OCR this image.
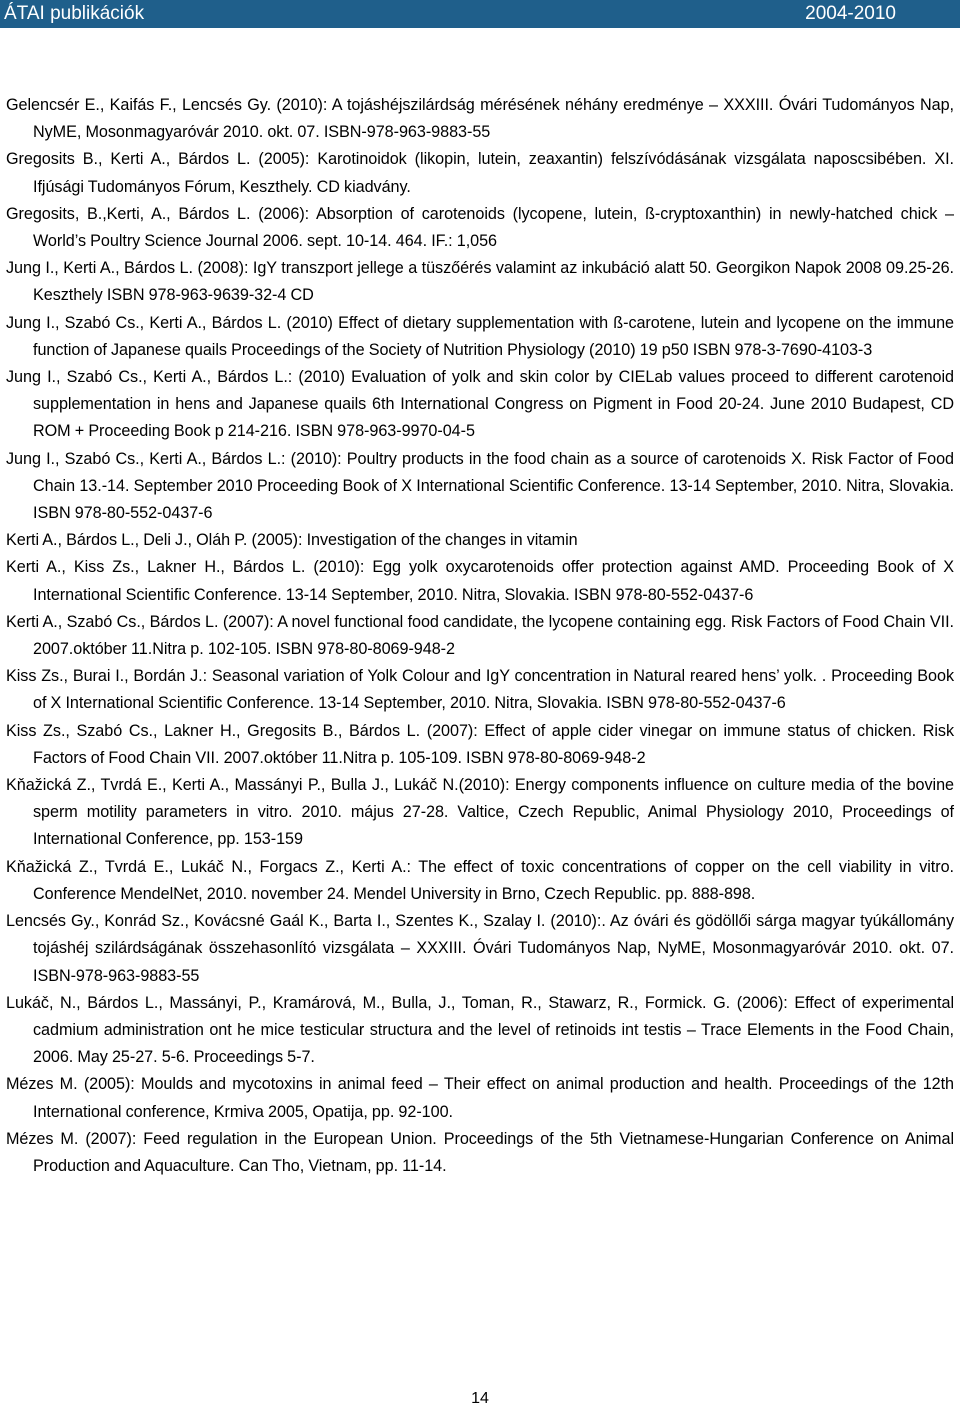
ÁTAI publikációk	2004-2010
Gelencsér E., Kaifás F., Lencsés Gy. (2010): A tojáshéjszilárdság mérésének néhány eredménye – XXXIII. Óvári Tudományos Nap, NyME, Mosonmagyaróvár 2010. okt. 07. ISBN-978-963-9883-55
Gregosits B., Kerti A., Bárdos L. (2005): Karotinoidok (likopin, lutein, zeaxantin) felszívódásának vizsgálata naposcsibében. XI. Ifjúsági Tudományos Fórum, Keszthely. CD kiadvány.
Gregosits, B.,Kerti, A., Bárdos L. (2006): Absorption of carotenoids (lycopene, lutein, ß-cryptoxanthin) in newly-hatched chick – World’s Poultry Science Journal 2006. sept. 10-14. 464. IF.: 1,056
Jung I., Kerti A., Bárdos L. (2008): IgY transzport jellege a tüszőérés valamint az inkubáció alatt 50. Georgikon Napok 2008 09.25-26. Keszthely ISBN 978-963-9639-32-4 CD
Jung I., Szabó Cs., Kerti A., Bárdos L. (2010) Effect of dietary supplementation with ß-carotene, lutein and lycopene on the immune function of Japanese quails Proceedings of the Society of Nutrition Physiology (2010) 19 p50 ISBN 978-3-7690-4103-3
Jung I., Szabó Cs., Kerti A., Bárdos L.: (2010) Evaluation of yolk and skin color by CIELab values proceed to different carotenoid supplementation in hens and Japanese quails 6th International Congress on Pigment in Food 20-24. June 2010 Budapest, CD ROM + Proceeding Book p 214-216. ISBN 978-963-9970-04-5
Jung I., Szabó Cs., Kerti A., Bárdos L.: (2010): Poultry products in the food chain as a source of carotenoids X. Risk Factor of Food Chain 13.-14. September 2010 Proceeding Book of X International Scientific Conference. 13-14 September, 2010. Nitra, Slovakia. ISBN 978-80-552-0437-6
Kerti A., Bárdos L., Deli J., Oláh P. (2005): Investigation of the changes in vitamin
Kerti A., Kiss Zs., Lakner H., Bárdos L. (2010): Egg yolk oxycarotenoids offer protection against AMD. Proceeding Book of X International Scientific Conference. 13-14 September, 2010. Nitra, Slovakia. ISBN 978-80-552-0437-6
Kerti A., Szabó Cs., Bárdos L. (2007): A novel functional food candidate, the lycopene containing egg. Risk Factors of Food Chain VII. 2007.október 11.Nitra p. 102-105. ISBN 978-80-8069-948-2
Kiss Zs., Burai I., Bordán J.: Seasonal variation of Yolk Colour and IgY concentration in Natural reared hens’ yolk. . Proceeding Book of X International Scientific Conference. 13-14 September, 2010. Nitra, Slovakia. ISBN 978-80-552-0437-6
Kiss Zs., Szabó Cs., Lakner H., Gregosits B., Bárdos L. (2007): Effect of apple cider vinegar on immune status of chicken. Risk Factors of Food Chain VII. 2007.október 11.Nitra p. 105-109. ISBN 978-80-8069-948-2
Kňažická Z., Tvrdá E., Kerti A., Massányi P., Bulla J., Lukáč N.(2010): Energy components influence on culture media of the bovine sperm motility parameters in vitro. 2010. május 27-28. Valtice, Czech Republic, Animal Physiology 2010, Proceedings of International Conference, pp. 153-159
Kňažická Z., Tvrdá E., Lukáč N., Forgacs Z., Kerti A.: The effect of toxic concentrations of copper on the cell viability in vitro. Conference MendelNet, 2010. november 24. Mendel University in Brno, Czech Republic. pp. 888-898.
Lencsés Gy., Konrád Sz., Kovácsné Gaál K., Barta I., Szentes K., Szalay I. (2010):. Az óvári és gödöllői sárga magyar tyúkállomány tojáshéj szilárdságának összehasonlító vizsgálata – XXXIII. Óvári Tudományos Nap, NyME, Mosonmagyaróvár 2010. okt. 07. ISBN-978-963-9883-55
Lukáč, N., Bárdos L., Massányi, P., Kramárová, M., Bulla, J., Toman, R., Stawarz, R., Formick. G. (2006): Effect of experimental cadmium administration ont he mice testicular structura and the level of retinoids int testis – Trace Elements in the Food Chain, 2006. May 25-27. 5-6. Proceedings 5-7.
Mézes M. (2005): Moulds and mycotoxins in animal feed – Their effect on animal production and health. Proceedings of the 12th International conference, Krmiva 2005, Opatija, pp. 92-100.
Mézes M. (2007): Feed regulation in the European Union. Proceedings of the 5th Vietnamese-Hungarian Conference on Animal Production and Aquaculture. Can Tho, Vietnam, pp. 11-14.
14
